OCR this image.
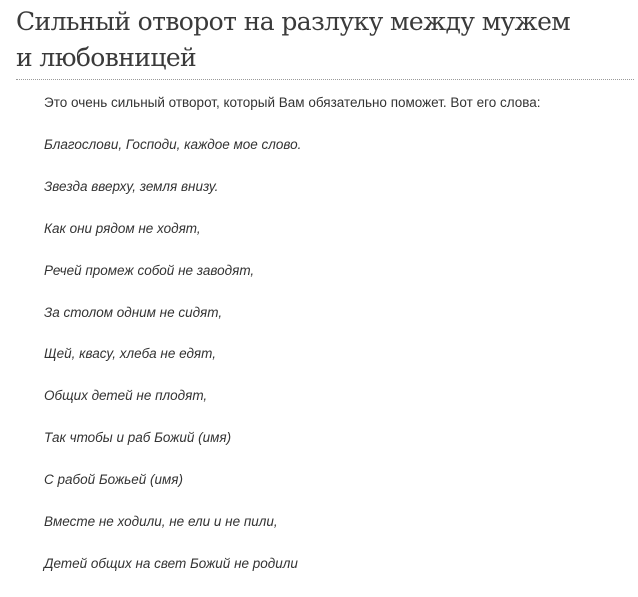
Сильный отворот на разлуку между мужем
и любовницей

Это очень сильный отворот, который Вам обязательно поможет. Вот его слова:

Благослови, Господи, каждое мое слово.
Звезда вверху, земля внизу.
Как они рядом не ходят,
Речей промеж собой не заводят,
За столом одним не сидят,
Щей, квасу, хлеба не едят,
Общих детей не плодят,
Так чтобы и раб Божий (имя)
С рабой Божьей (имя)
Вместе не ходили, не ели и не пили,
Детей общих на свет Божий не родили
